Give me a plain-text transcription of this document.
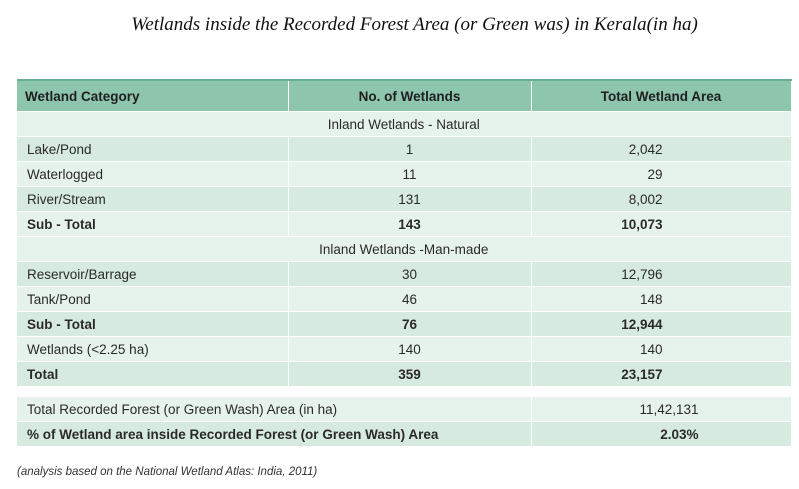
Wetlands inside the Recorded Forest Area (or Green was) in Kerala(in ha)
Wetland Category	No. of Wetlands	Total Wetland Area
Inland Wetlands - Natural		
Lake/Pond	1	2,042
Waterlogged	11	29
River/Stream	131	8,002
Sub - Total	143	10,073
Inland Wetlands -Man-made		
Reservoir/Barrage	30	12,796
Tank/Pond	46	148
Sub - Total	76	12,944
Wetlands (<2.25 ha)	140	140
Total	359	23,157

Total Recorded Forest (or Green Wash) Area (in ha)		11,42,131
% of Wetland area inside Recorded Forest (or Green Wash) Area		2.03%
(analysis based on the National Wetland Atlas: India, 2011)
